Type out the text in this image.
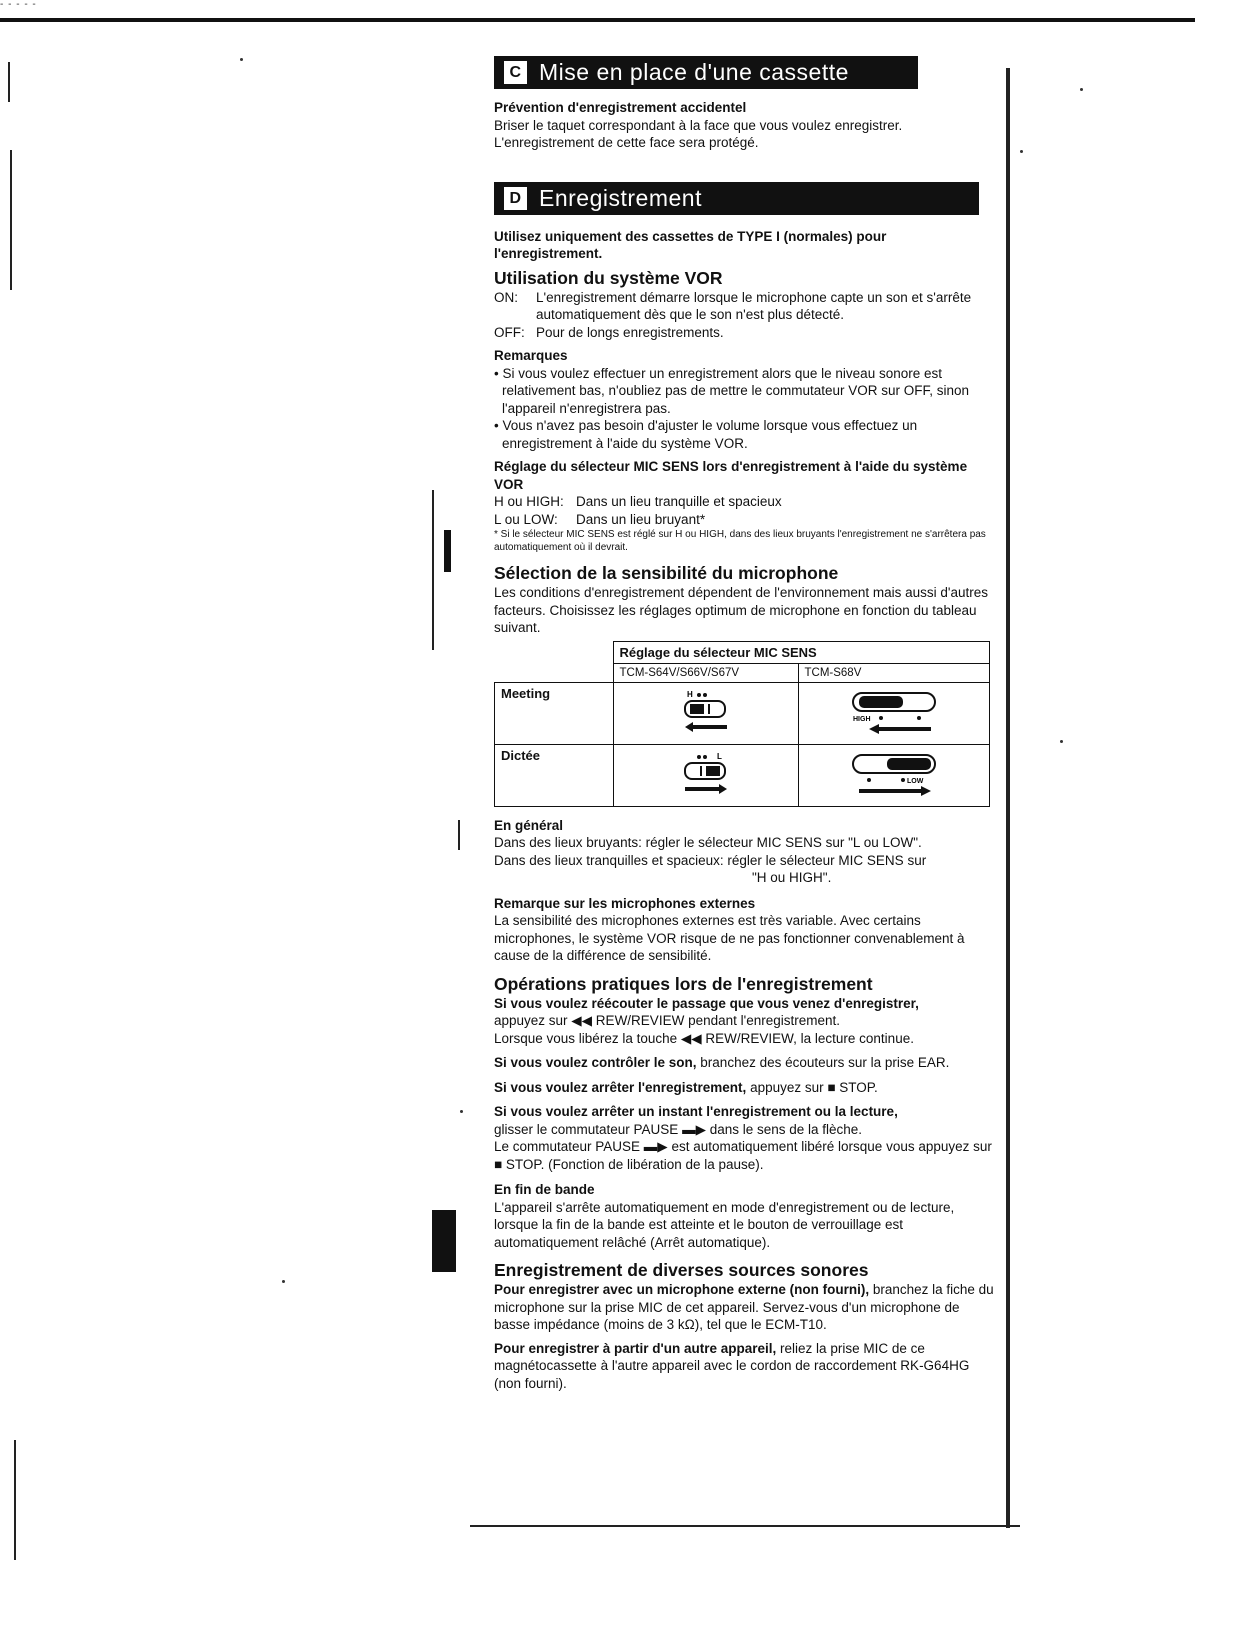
- - - - -
C Mise en place d'une cassette

Prévention d'enregistrement accidentel

Briser le taquet correspondant à la face que vous voulez enregistrer.

L'enregistrement de cette face sera protégé.

D Enregistrement

Utilisez uniquement des cassettes de TYPE I (normales) pour l'enregistrement.

Utilisation du système VOR

ON:	L'enregistrement démarre lorsque le microphone capte un son et s'arrête automatiquement dès que le son n'est plus détecté.
OFF: Pour de longs enregistrements.

Remarques

• Si vous voulez effectuer un enregistrement alors que le niveau sonore est relativement bas, n'oubliez pas de mettre le commutateur VOR sur OFF, sinon l'appareil n'enregistrera pas.

• Vous n'avez pas besoin d'ajuster le volume lorsque vous effectuez un enregistrement à l'aide du système VOR.

Réglage du sélecteur MIC SENS lors d'enregistrement à l'aide du système VOR

H ou HIGH: Dans un lieu tranquille et spacieux
L ou LOW:	Dans un lieu bruyant*

* Si le sélecteur MIC SENS est réglé sur H ou HIGH, dans des lieux bruyants l'enregistrement ne s'arrêtera pas automatiquement où il devrait.

Sélection de la sensibilité du microphone

Les conditions d'enregistrement dépendent de l'environnement mais aussi d'autres facteurs. Choisissez les réglages optimum de microphone en fonction du tableau suivant.

	Réglage du sélecteur MIC SENS	
	TCM-S64V/S66V/S67V	TCM-S68V
Meeting	H	HIGH

Dictée	L	LOW

En général

Dans des lieux bruyants: régler le sélecteur MIC SENS sur "L ou LOW".

Dans des lieux tranquilles et spacieux: régler le sélecteur MIC SENS sur

"H ou HIGH".

Remarque sur les microphones externes

La sensibilité des microphones externes est très variable. Avec certains microphones, le système VOR risque de ne pas fonctionner convenablement à cause de la différence de sensibilité.

Opérations pratiques lors de l'enregistrement

Si vous voulez réécouter le passage que vous venez d'enregistrer,

appuyez sur ◀◀ REW/REVIEW pendant l'enregistrement.

Lorsque vous libérez la touche ◀◀ REW/REVIEW, la lecture continue.

Si vous voulez contrôler le son, branchez des écouteurs sur la prise EAR.

Si vous voulez arrêter l'enregistrement, appuyez sur ■ STOP.

Si vous voulez arrêter un instant l'enregistrement ou la lecture,

glisser le commutateur PAUSE ▬▶ dans le sens de la flèche.

Le commutateur PAUSE ▬▶ est automatiquement libéré lorsque vous appuyez sur ■ STOP. (Fonction de libération de la pause).

En fin de bande

L'appareil s'arrête automatiquement en mode d'enregistrement ou de lecture, lorsque la fin de la bande est atteinte et le bouton de verrouillage est automatiquement relâché (Arrêt automatique).

Enregistrement de diverses sources sonores

Pour enregistrer avec un microphone externe (non fourni), branchez la fiche du microphone sur la prise MIC de cet appareil. Servez-vous d'un microphone de basse impédance (moins de 3 kΩ), tel que le ECM-T10.

Pour enregistrer à partir d'un autre appareil, reliez la prise MIC de ce magnétocassette à l'autre appareil avec le cordon de raccordement RK-G64HG (non fourni).
